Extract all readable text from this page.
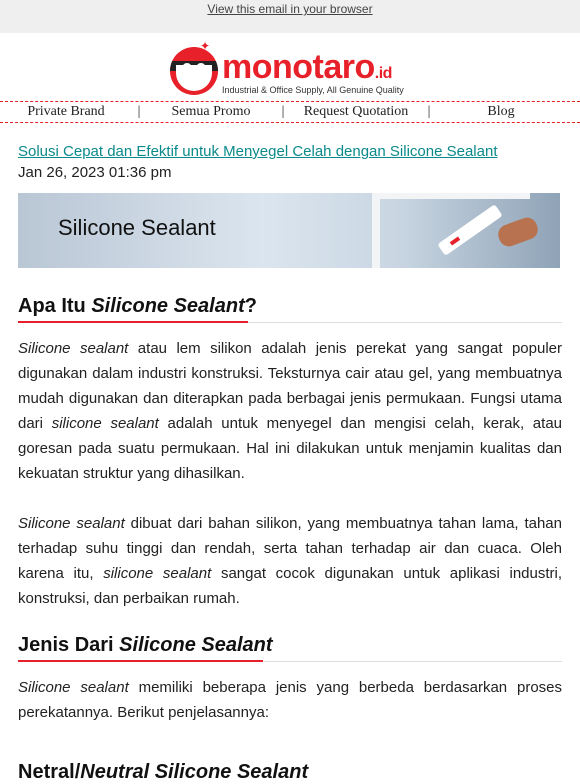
View this email in your browser
✦
monotaro.id
Industrial & Office Supply, All Genuine Quality
Private Brand	|	Semua Promo	|	Request Quotation	|	Blog
Solusi Cepat dan Efektif untuk Menyegel Celah dengan Silicone Sealant
Jan 26, 2023 01:36 pm
Silicone Sealant
Apa Itu Silicone Sealant?

Silicone sealant atau lem silikon adalah jenis perekat yang sangat populer digunakan dalam industri konstruksi. Teksturnya cair atau gel, yang membuatnya mudah digunakan dan diterapkan pada berbagai jenis permukaan. Fungsi utama dari silicone sealant adalah untuk menyegel dan mengisi celah, kerak, atau goresan pada suatu permukaan. Hal ini dilakukan untuk menjamin kualitas dan kekuatan struktur yang dihasilkan.

Silicone sealant dibuat dari bahan silikon, yang membuatnya tahan lama, tahan terhadap suhu tinggi dan rendah, serta tahan terhadap air dan cuaca. Oleh karena itu, silicone sealant sangat cocok digunakan untuk aplikasi industri, konstruksi, dan perbaikan rumah.

Jenis Dari Silicone Sealant

Silicone sealant memiliki beberapa jenis yang berbeda berdasarkan proses perekatannya. Berikut penjelasannya:

Netral/Neutral Silicone Sealant
